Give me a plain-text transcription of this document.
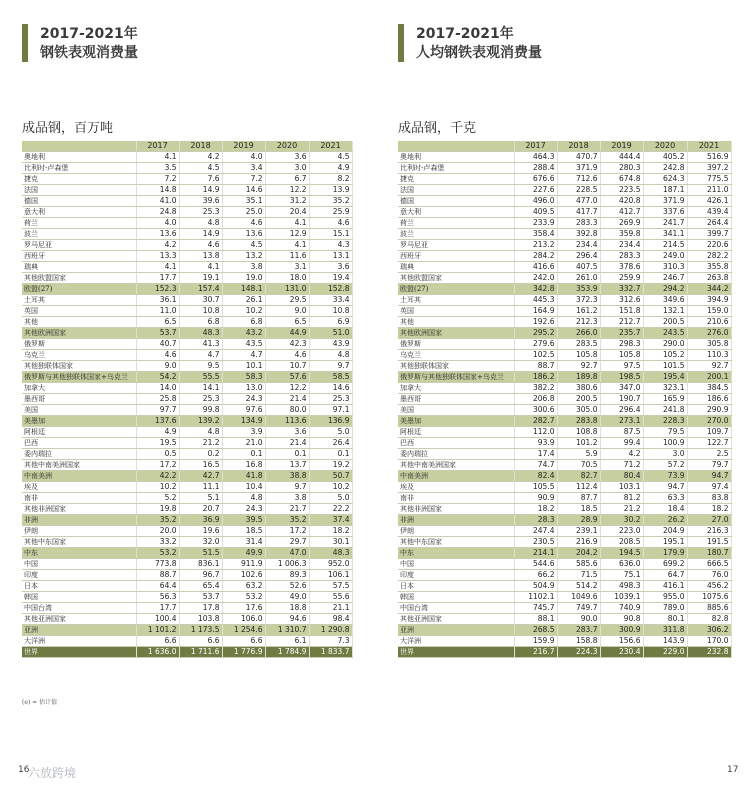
2017-2021年
钢铁表观消费量
成品钢，百万吨
	2017	2018	2019	2020	2021
奥地利	4.1	4.2	4.0	3.6	4.5
比利时-卢森堡	3.5	4.5	3.4	3.0	4.9
捷克	7.2	7.6	7.2	6.7	8.2
法国	14.8	14.9	14.6	12.2	13.9
德国	41.0	39.6	35.1	31.2	35.2
意大利	24.8	25.3	25.0	20.4	25.9
荷兰	4.0	4.8	4.6	4.1	4.6
波兰	13.6	14.9	13.6	12.9	15.1
罗马尼亚	4.2	4.6	4.5	4.1	4.3
西班牙	13.3	13.8	13.2	11.6	13.1
瑞典	4.1	4.1	3.8	3.1	3.6
其他欧盟国家	17.7	19.1	19.0	18.0	19.4
欧盟(27)	152.3	157.4	148.1	131.0	152.8
土耳其	36.1	30.7	26.1	29.5	33.4
英国	11.0	10.8	10.2	9.0	10.8
其他	6.5	6.8	6.8	6.5	6.9
其他欧洲国家	53.7	48.3	43.2	44.9	51.0
俄罗斯	40.7	41.3	43.5	42.3	43.9
乌克兰	4.6	4.7	4.7	4.6	4.8
其他独联体国家	9.0	9.5	10.1	10.7	9.7
俄罗斯与其他独联体国家+乌克兰	54.2	55.5	58.3	57.6	58.5
加拿大	14.0	14.1	13.0	12.2	14.6
墨西哥	25.8	25.3	24.3	21.4	25.3
美国	97.7	99.8	97.6	80.0	97.1
美墨加	137.6	139.2	134.9	113.6	136.9
阿根廷	4.9	4.8	3.9	3.6	5.0
巴西	19.5	21.2	21.0	21.4	26.4
委内瑞拉	0.5	0.2	0.1	0.1	0.1
其他中南美洲国家	17.2	16.5	16.8	13.7	19.2
中南美洲	42.2	42.7	41.8	38.8	50.7
埃及	10.2	11.1	10.4	9.7	10.2
南非	5.2	5.1	4.8	3.8	5.0
其他非洲国家	19.8	20.7	24.3	21.7	22.2
非洲	35.2	36.9	39.5	35.2	37.4
伊朗	20.0	19.6	18.5	17.2	18.2
其他中东国家	33.2	32.0	31.4	29.7	30.1
中东	53.2	51.5	49.9	47.0	48.3
中国	773.8	836.1	911.9	1 006.3	952.0
印度	88.7	96.7	102.6	89.3	106.1
日本	64.4	65.4	63.2	52.6	57.5
韩国	56.3	53.7	53.2	49.0	55.6
中国台湾	17.7	17.8	17.6	18.8	21.1
其他亚洲国家	100.4	103.8	106.0	94.6	98.4
亚洲	1 101.2	1 173.5	1 254.6	1 310.7	1 290.8
大洋洲	6.6	6.6	6.6	6.1	7.3
世界	1 636.0	1 711.6	1 776.9	1 784.9	1 833.7
2017-2021年
人均钢铁表观消费量
成品钢，千克
	2017	2018	2019	2020	2021
奥地利	464.3	470.7	444.4	405.2	516.9
比利时-卢森堡	288.4	371.9	280.3	242.8	397.2
捷克	676.6	712.6	674.8	624.3	775.5
法国	227.6	228.5	223.5	187.1	211.0
德国	496.0	477.0	420.8	371.9	426.1
意大利	409.5	417.7	412.7	337.6	439.4
荷兰	233.9	283.3	269.9	241.7	264.4
波兰	358.4	392.8	359.8	341.1	399.7
罗马尼亚	213.2	234.4	234.4	214.5	220.6
西班牙	284.2	296.4	283.3	249.0	282.2
瑞典	416.6	407.5	378.6	310.3	355.8
其他欧盟国家	242.0	261.0	259.9	246.7	263.8
欧盟(27)	342.8	353.9	332.7	294.2	344.2
土耳其	445.3	372.3	312.6	349.6	394.9
英国	164.9	161.2	151.8	132.1	159.0
其他	192.6	212.3	212.7	200.5	210.6
其他欧洲国家	295.2	266.0	235.7	243.5	276.0
俄罗斯	279.6	283.5	298.3	290.0	305.8
乌克兰	102.5	105.8	105.8	105.2	110.3
其他独联体国家	88.7	92.7	97.5	101.5	92.7
俄罗斯与其他独联体国家+乌克兰	186.2	189.8	198.5	195.4	200.1
加拿大	382.2	380.6	347.0	323.1	384.5
墨西哥	206.8	200.5	190.7	165.9	186.6
美国	300.6	305.0	296.4	241.8	290.9
美墨加	282.7	283.8	273.1	228.3	270.0
阿根廷	112.0	108.8	87.5	79.5	109.7
巴西	93.9	101.2	99.4	100.9	122.7
委内瑞拉	17.4	5.9	4.2	3.0	2.5
其他中南美洲国家	74.7	70.5	71.2	57.2	79.7
中南美洲	82.4	82.7	80.4	73.9	94.7
埃及	105.5	112.4	103.1	94.7	97.4
南非	90.9	87.7	81.2	63.3	83.8
其他非洲国家	18.2	18.5	21.2	18.4	18.2
非洲	28.3	28.9	30.2	26.2	27.0
伊朗	247.4	239.1	223.0	204.9	216.3
其他中东国家	230.5	216.9	208.5	195.1	191.5
中东	214.1	204.2	194.5	179.9	180.7
中国	544.6	585.6	636.0	699.2	666.5
印度	66.2	71.5	75.1	64.7	76.0
日本	504.9	514.2	498.3	416.1	456.2
韩国	1102.1	1049.6	1039.1	955.0	1075.6
中国台湾	745.7	749.7	740.9	789.0	885.6
其他亚洲国家	88.1	90.0	90.8	80.1	82.8
亚洲	268.5	283.7	300.9	311.8	306.2
大洋洲	159.9	158.8	156.6	143.9	170.0
世界	216.7	224.3	230.4	229.0	232.8
(e) = 估计值
16	17
六放跨境
